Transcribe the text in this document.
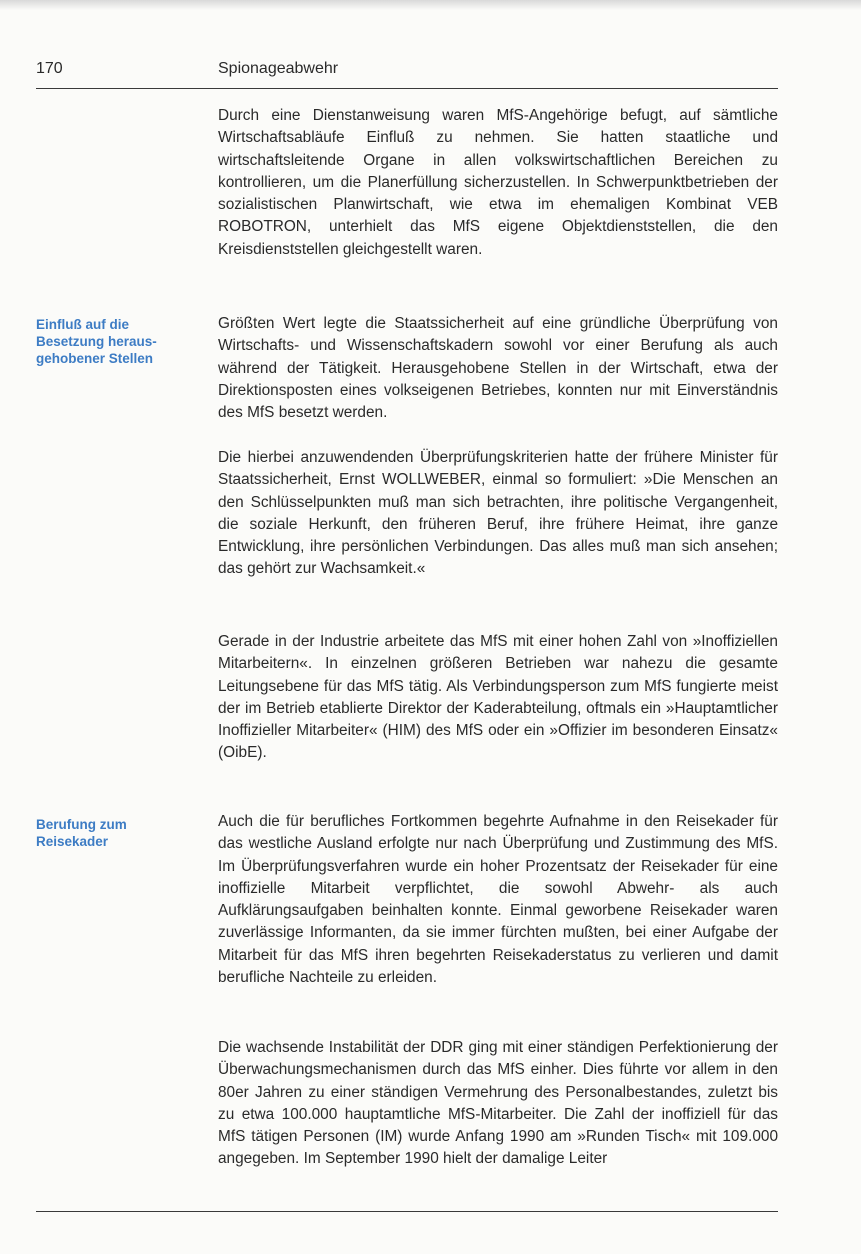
170	Spionageabwehr

Durch eine Dienstanweisung waren MfS-Angehörige befugt, auf sämtliche Wirtschaftsabläufe Einfluß zu nehmen. Sie hatten staatliche und wirtschaftsleitende Organe in allen volkswirtschaftlichen Bereichen zu kontrollieren, um die Planerfüllung sicherzustellen. In Schwerpunktbetrieben der sozialistischen Planwirtschaft, wie etwa im ehemaligen Kombinat VEB ROBOTRON, unterhielt das MfS eigene Objektdienststellen, die den Kreisdienststellen gleichgestellt waren.

Einfluß auf die Besetzung heraus-gehobener Stellen

Größten Wert legte die Staatssicherheit auf eine gründliche Überprüfung von Wirtschafts- und Wissenschaftskadern sowohl vor einer Berufung als auch während der Tätigkeit. Herausgehobene Stellen in der Wirtschaft, etwa der Direktionsposten eines volkseigenen Betriebes, konnten nur mit Einverständnis des MfS besetzt werden.

Die hierbei anzuwendenden Überprüfungskriterien hatte der frühere Minister für Staatssicherheit, Ernst WOLLWEBER, einmal so formuliert: »Die Menschen an den Schlüsselpunkten muß man sich betrachten, ihre politische Vergangenheit, die soziale Herkunft, den früheren Beruf, ihre frühere Heimat, ihre ganze Entwicklung, ihre persönlichen Verbindungen. Das alles muß man sich ansehen; das gehört zur Wachsamkeit.«

Gerade in der Industrie arbeitete das MfS mit einer hohen Zahl von »Inoffiziellen Mitarbeitern«. In einzelnen größeren Betrieben war nahezu die gesamte Leitungsebene für das MfS tätig. Als Verbindungsperson zum MfS fungierte meist der im Betrieb etablierte Direktor der Kaderabteilung, oftmals ein »Hauptamtlicher Inoffizieller Mitarbeiter« (HIM) des MfS oder ein »Offizier im besonderen Einsatz« (OibE).

Berufung zum Reisekader

Auch die für berufliches Fortkommen begehrte Aufnahme in den Reisekader für das westliche Ausland erfolgte nur nach Überprüfung und Zustimmung des MfS. Im Überprüfungsverfahren wurde ein hoher Prozentsatz der Reisekader für eine inoffizielle Mitarbeit verpflichtet, die sowohl Abwehr- als auch Aufklärungsaufgaben beinhalten konnte. Einmal geworbene Reisekader waren zuverlässige Informanten, da sie immer fürchten mußten, bei einer Aufgabe der Mitarbeit für das MfS ihren begehrten Reisekaderstatus zu verlieren und damit berufliche Nachteile zu erleiden.

Die wachsende Instabilität der DDR ging mit einer ständigen Perfektionierung der Überwachungsmechanismen durch das MfS einher. Dies führte vor allem in den 80er Jahren zu einer ständigen Vermehrung des Personalbestandes, zuletzt bis zu etwa 100.000 hauptamtliche MfS-Mitarbeiter. Die Zahl der inoffiziell für das MfS tätigen Personen (IM) wurde Anfang 1990 am »Runden Tisch« mit 109.000 angegeben. Im September 1990 hielt der damalige Leiter
